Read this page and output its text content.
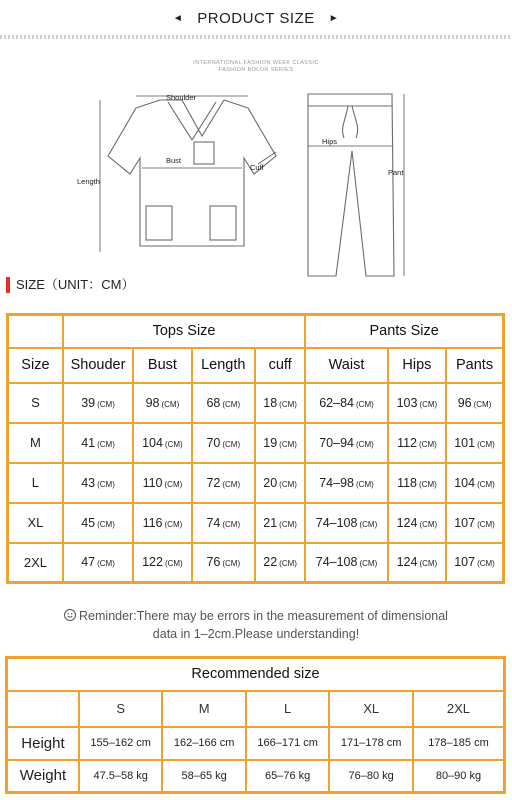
◄ PRODUCT SIZE ►
INTERNATIONAL FASHION WEEK CLASSIC
FASHION BOLOR SERIES
Shoulder
Bust
Cuff
Length
Hips
Pant
SIZE（UNIT：CM）
	Tops Size				Pants Size		
Size	Shouder	Bust	Length	cuff	Waist	Hips	Pants
S	39 (CM)	98 (CM)	68 (CM)	18 (CM)	62–84 (CM)	103 (CM)	96 (CM)
M	41 (CM)	104 (CM)	70 (CM)	19 (CM)	70–94 (CM)	112 (CM)	101 (CM)
L	43 (CM)	110 (CM)	72 (CM)	20 (CM)	74–98 (CM)	118 (CM)	104 (CM)
XL	45 (CM)	116 (CM)	74 (CM)	21 (CM)	74–108 (CM)	124 (CM)	107 (CM)
2XL	47 (CM)	122 (CM)	76 (CM)	22 (CM)	74–108 (CM)	124 (CM)	107 (CM)
Reminder:There may be errors in the measurement of dimensional
data in 1–2cm.Please understanding!
Recommended size					
	S	M	L	XL	2XL
Height	155–162 cm	162–166 cm	166–171 cm	171–178 cm	178–185 cm
Weight	47.5–58 kg	58–65 kg	65–76 kg	76–80 kg	80–90 kg
